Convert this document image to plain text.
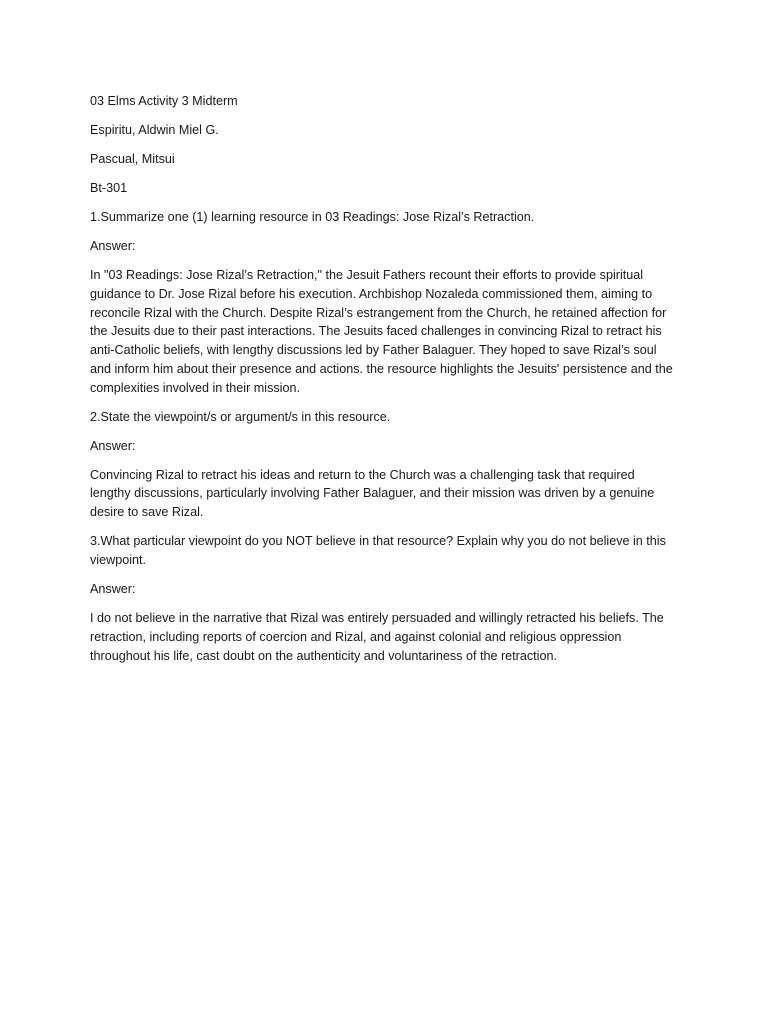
03 Elms Activity 3 Midterm

Espiritu, Aldwin Miel G.

Pascual, Mitsui

Bt-301

1.Summarize one (1) learning resource in 03 Readings: Jose Rizal’s Retraction.

Answer:

In "03 Readings: Jose Rizal’s Retraction," the Jesuit Fathers recount their efforts to provide spiritual guidance to Dr. Jose Rizal before his execution. Archbishop Nozaleda commissioned them, aiming to reconcile Rizal with the Church. Despite Rizal’s estrangement from the Church, he retained affection for the Jesuits due to their past interactions. The Jesuits faced challenges in convincing Rizal to retract his anti-Catholic beliefs, with lengthy discussions led by Father Balaguer. They hoped to save Rizal’s soul and inform him about their presence and actions. the resource highlights the Jesuits' persistence and the complexities involved in their mission.

2.State the viewpoint/s or argument/s in this resource.

Answer:

Convincing Rizal to retract his ideas and return to the Church was a challenging task that required lengthy discussions, particularly involving Father Balaguer, and their mission was driven by a genuine desire to save Rizal.

3.What particular viewpoint do you NOT believe in that resource? Explain why you do not believe in this viewpoint.

Answer:

I do not believe in the narrative that Rizal was entirely persuaded and willingly retracted his beliefs. The retraction, including reports of coercion and Rizal, and against colonial and religious oppression throughout his life, cast doubt on the authenticity and voluntariness of the retraction.
